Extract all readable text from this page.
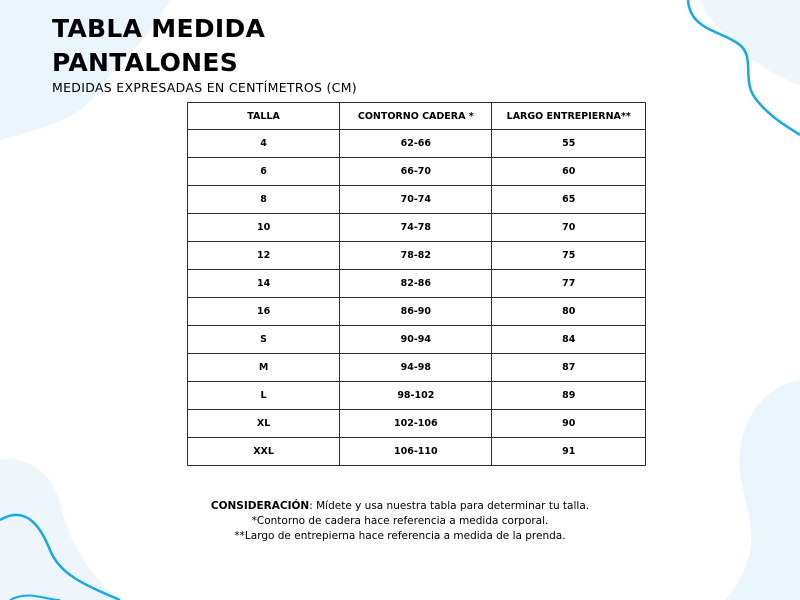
TABLA MEDIDA
PANTALONES
MEDIDAS EXPRESADAS EN CENTÍMETROS (CM)
TALLA	CONTORNO CADERA *	LARGO ENTREPIERNA**
4	62-66	55
6	66-70	60
8	70-74	65
10	74-78	70
12	78-82	75
14	82-86	77
16	86-90	80
S	90-94	84
M	94-98	87
L	98-102	89
XL	102-106	90
XXL	106-110	91
CONSIDERACIÓN: Mídete y usa nuestra tabla para determinar tu talla.
*Contorno de cadera hace referencia a medida corporal.
**Largo de entrepierna hace referencia a medida de la prenda.
